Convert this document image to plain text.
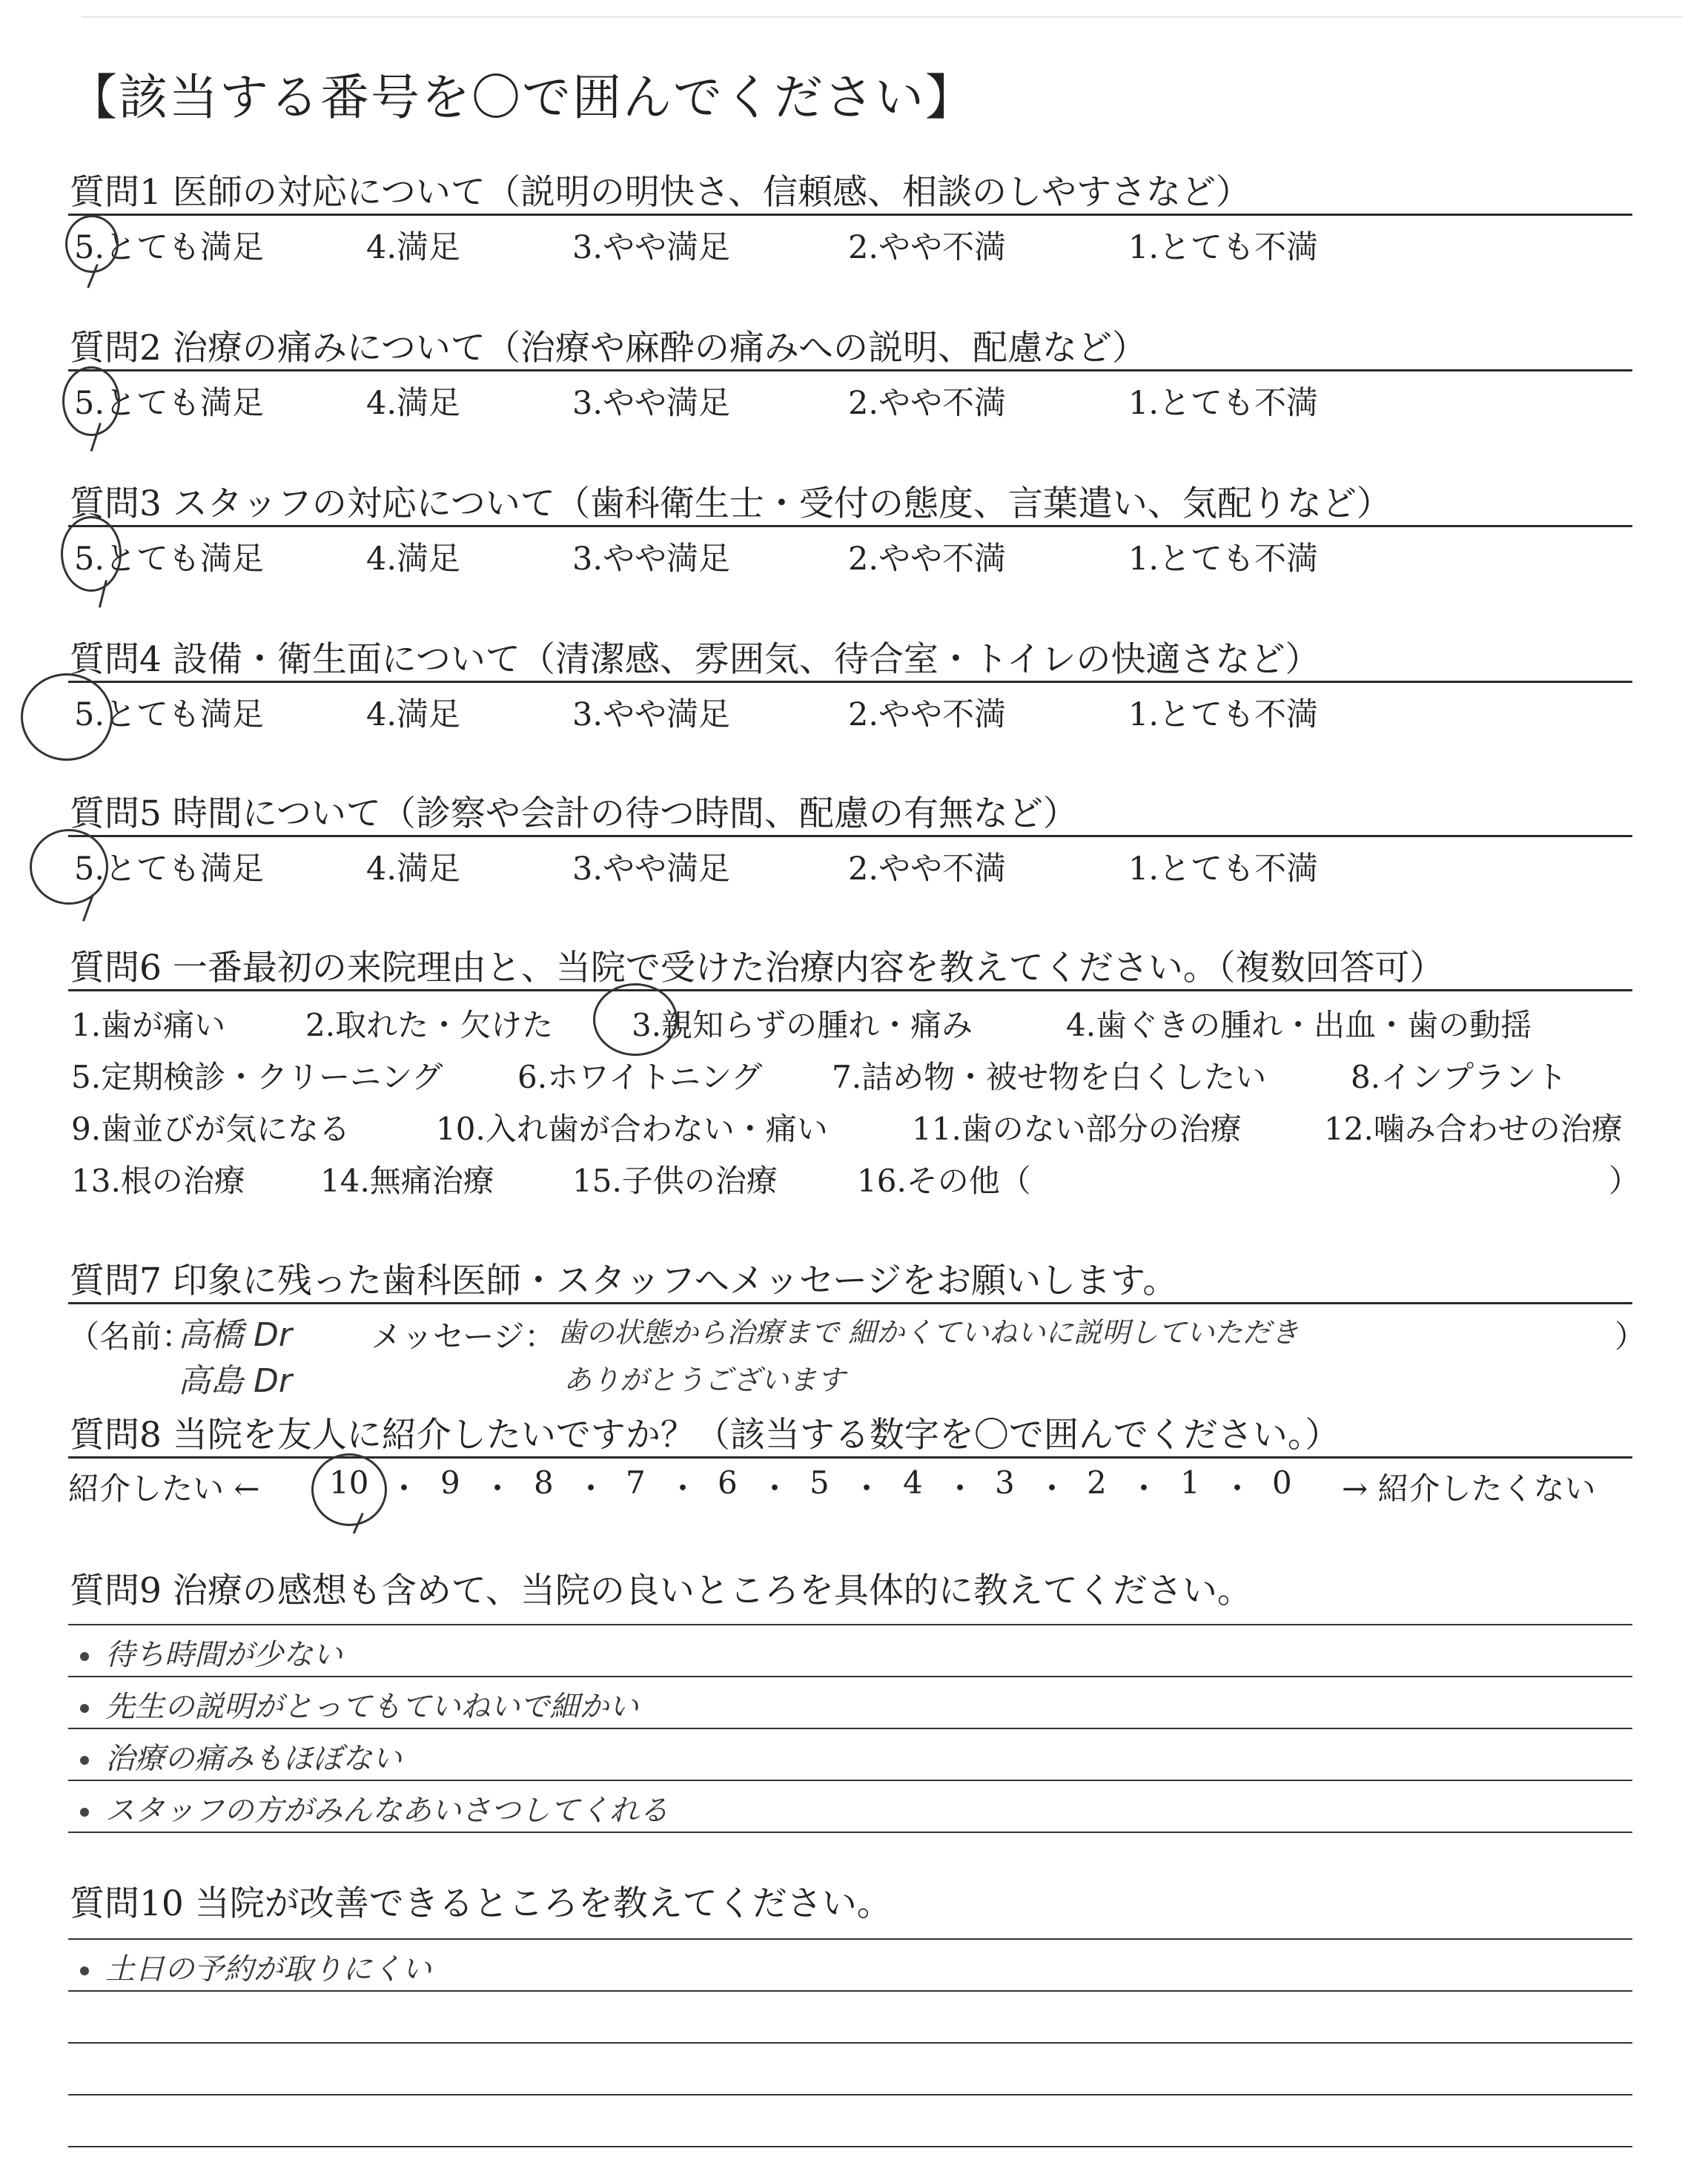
【該当する番号を〇で囲んでください】
質問1 医師の対応について（説明の明快さ、信頼感、相談のしやすさなど）
5.とても満足	4.満足	3.やや満足	2.やや不満	1.とても不満
質問2 治療の痛みについて（治療や麻酔の痛みへの説明、配慮など）
5.とても満足	4.満足	3.やや満足	2.やや不満	1.とても不満
質問3 スタッフの対応について（歯科衛生士・受付の態度、言葉遣い、気配りなど）
5.とても満足	4.満足	3.やや満足	2.やや不満	1.とても不満
質問4 設備・衛生面について（清潔感、雰囲気、待合室・トイレの快適さなど）
5.とても満足	4.満足	3.やや満足	2.やや不満	1.とても不満
質問5 時間について（診察や会計の待つ時間、配慮の有無など）
5.とても満足	4.満足	3.やや満足	2.やや不満	1.とても不満
質問6 一番最初の来院理由と、当院で受けた治療内容を教えてください。（複数回答可）
1.歯が痛い	2.取れた・欠けた	3.親知らずの腫れ・痛み	4.歯ぐきの腫れ・出血・歯の動揺
5.定期検診・クリーニング 6.ホワイトニング 7.詰め物・被せ物を白くしたい	8.インプラント
9.歯並びが気になる	10.入れ歯が合わない・痛い	11.歯のない部分の治療	12.噛み合わせの治療
13.根の治療 14.無痛治療	15.子供の治療	16.その他（	）
質問7 印象に残った歯科医師・スタッフへメッセージをお願いします。
（名前：
高橋 Dr
高島 Dr
メッセージ： 歯の状態から治療まで 細かくていねいに説明していただき
ありがとうございます
）
質問8 当院を友人に紹介したいですか？（該当する数字を〇で囲んでください。）
紹介したい ← 10 ・ 9 ・ 8 ・ 7 ・ 6 ・ 5 ・ 4 ・ 3 ・ 2 ・ 1 ・ 0 → 紹介したくない
質問9 治療の感想も含めて、当院の良いところを具体的に教えてください。
待ち時間が少ない
先生の説明がとってもていねいで細かい
治療の痛みもほぼない
スタッフの方がみんなあいさつしてくれる
質問10 当院が改善できるところを教えてください。
土日の予約が取りにくい
